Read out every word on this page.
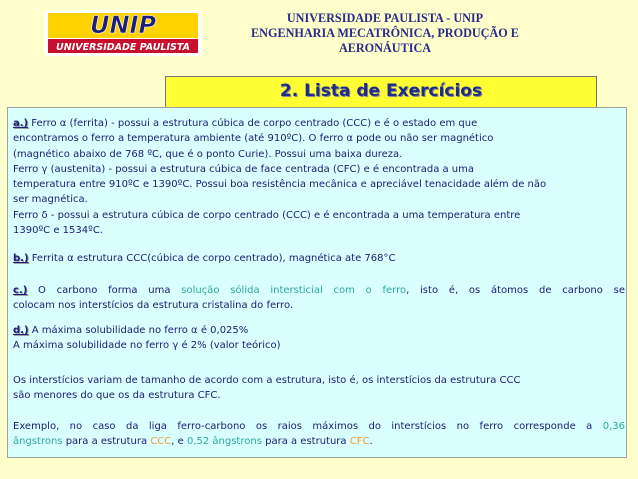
UNIP
UNIVERSIDADE PAULISTA
UNIVERSIDADE PAULISTA - UNIP
ENGENHARIA MECATRÔNICA, PRODUÇÃO E
AERONÁUTICA
2. Lista de Exercícios
a.) Ferro α (ferrita) - possui a estrutura cúbica de corpo centrado (CCC) e é o estado em que
encontramos o ferro a temperatura ambiente (até 910ºC). O ferro α pode ou não ser magnético
(magnético abaixo de 768 ºC, que é o ponto Curie). Possui uma baixa dureza.
Ferro γ (austenita) - possui a estrutura cúbica de face centrada (CFC) e é encontrada a uma
temperatura entre 910ºC e 1390ºC. Possui boa resistência mecânica e apreciável tenacidade além de não
ser magnética.
Ferro δ - possui a estrutura cúbica de corpo centrado (CCC) e é encontrada a uma temperatura entre
1390ºC e 1534ºC.
b.) Ferrita α estrutura CCC(cúbica de corpo centrado), magnética ate 768°C
c.) O carbono forma uma solução sólida intersticial com o ferro, isto é, os átomos de carbono se
colocam nos interstícios da estrutura cristalina do ferro.
d.) A máxima solubilidade no ferro α é 0,025%
A máxima solubilidade no ferro γ é 2% (valor teórico)
Os interstícios variam de tamanho de acordo com a estrutura, isto é, os interstícios da estrutura CCC
são menores do que os da estrutura CFC.
Exemplo, no caso da liga ferro-carbono os raios máximos do interstícios no ferro corresponde a 0,36
ângstrons para a estrutura CCC, e 0,52 ângstrons para a estrutura CFC.
